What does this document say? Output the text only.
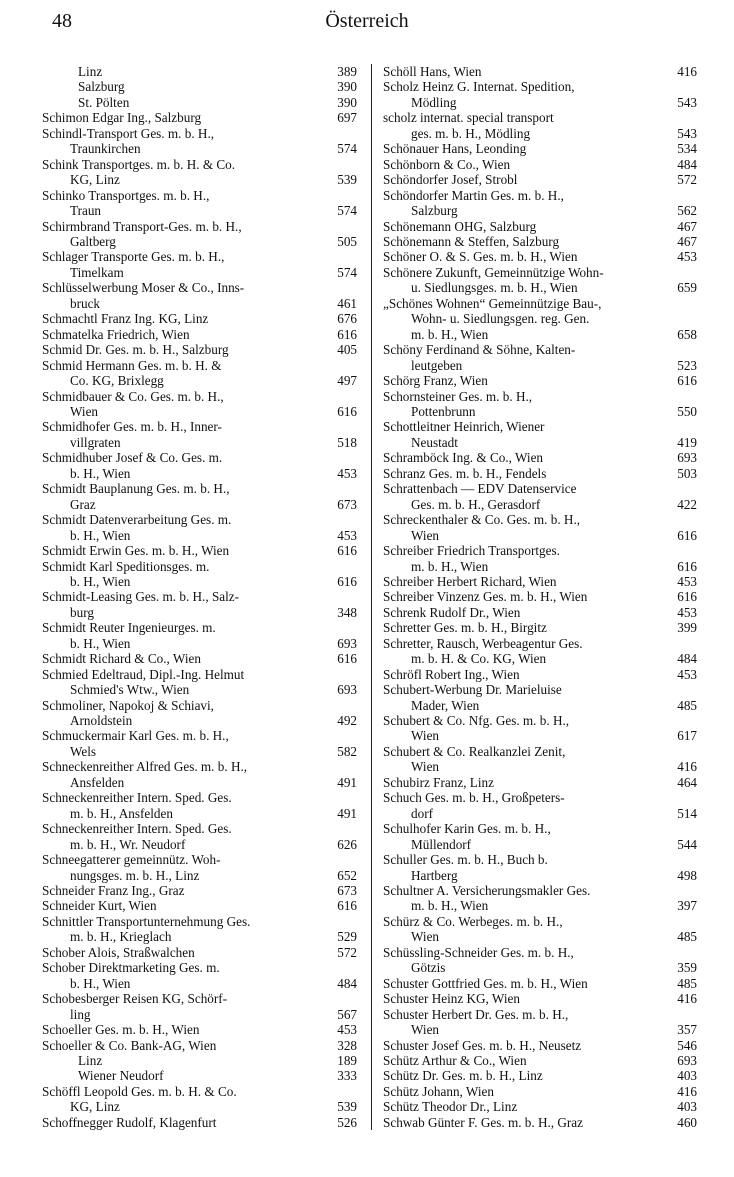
48	Österreich
Linz	389
Salzburg	390
St. Pölten	390
Schimon Edgar Ing., Salzburg	697
Schindl-Transport Ges. m. b. H.,
Traunkirchen	574
Schink Transportges. m. b. H. & Co.
KG, Linz	539
Schinko Transportges. m. b. H.,
Traun	574
Schirmbrand Transport-Ges. m. b. H.,
Galtberg	505
Schlager Transporte Ges. m. b. H.,
Timelkam	574
Schlüsselwerbung Moser & Co., Inns-
bruck	461
Schmachtl Franz Ing. KG, Linz	676
Schmatelka Friedrich, Wien	616
Schmid Dr. Ges. m. b. H., Salzburg	405
Schmid Hermann Ges. m. b. H. &
Co. KG, Brixlegg	497
Schmidbauer & Co. Ges. m. b. H.,
Wien	616
Schmidhofer Ges. m. b. H., Inner-
villgraten	518
Schmidhuber Josef & Co. Ges. m.
b. H., Wien	453
Schmidt Bauplanung Ges. m. b. H.,
Graz	673
Schmidt Datenverarbeitung Ges. m.
b. H., Wien	453
Schmidt Erwin Ges. m. b. H., Wien	616
Schmidt Karl Speditionsges. m.
b. H., Wien	616
Schmidt-Leasing Ges. m. b. H., Salz-
burg	348
Schmidt Reuter Ingenieurges. m.
b. H., Wien	693
Schmidt Richard & Co., Wien	616
Schmied Edeltraud, Dipl.-Ing. Helmut
Schmied's Wtw., Wien	693
Schmoliner, Napokoj & Schiavi,
Arnoldstein	492
Schmuckermair Karl Ges. m. b. H.,
Wels	582
Schneckenreither Alfred Ges. m. b. H.,
Ansfelden	491
Schneckenreither Intern. Sped. Ges.
m. b. H., Ansfelden	491
Schneckenreither Intern. Sped. Ges.
m. b. H., Wr. Neudorf	626
Schneegatterer gemeinnütz. Woh-
nungsges. m. b. H., Linz	652
Schneider Franz Ing., Graz	673
Schneider Kurt, Wien	616
Schnittler Transportunternehmung Ges.
m. b. H., Krieglach	529
Schober Alois, Straßwalchen	572
Schober Direktmarketing Ges. m.
b. H., Wien	484
Schobesberger Reisen KG, Schörf-
ling	567
Schoeller Ges. m. b. H., Wien	453
Schoeller & Co. Bank-AG, Wien	328
Linz	189
Wiener Neudorf	333
Schöffl Leopold Ges. m. b. H. & Co.
KG, Linz	539
Schoffnegger Rudolf, Klagenfurt	526
Schöll Hans, Wien	416
Scholz Heinz G. Internat. Spedition,
Mödling	543
scholz internat. special transport
ges. m. b. H., Mödling	543
Schönauer Hans, Leonding	534
Schönborn & Co., Wien	484
Schöndorfer Josef, Strobl	572
Schöndorfer Martin Ges. m. b. H.,
Salzburg	562
Schönemann OHG, Salzburg	467
Schönemann & Steffen, Salzburg	467
Schöner O. & S. Ges. m. b. H., Wien	453
Schönere Zukunft, Gemeinnützige Wohn-
u. Siedlungsges. m. b. H., Wien	659
„Schönes Wohnen“ Gemeinnützige Bau-,
Wohn- u. Siedlungsgen. reg. Gen.
m. b. H., Wien	658
Schöny Ferdinand & Söhne, Kalten-
leutgeben	523
Schörg Franz, Wien	616
Schornsteiner Ges. m. b. H.,
Pottenbrunn	550
Schottleitner Heinrich, Wiener
Neustadt	419
Schramböck Ing. & Co., Wien	693
Schranz Ges. m. b. H., Fendels	503
Schrattenbach — EDV Datenservice
Ges. m. b. H., Gerasdorf	422
Schreckenthaler & Co. Ges. m. b. H.,
Wien	616
Schreiber Friedrich Transportges.
m. b. H., Wien	616
Schreiber Herbert Richard, Wien	453
Schreiber Vinzenz Ges. m. b. H., Wien	616
Schrenk Rudolf Dr., Wien	453
Schretter Ges. m. b. H., Birgitz	399
Schretter, Rausch, Werbeagentur Ges.
m. b. H. & Co. KG, Wien	484
Schröfl Robert Ing., Wien	453
Schubert-Werbung Dr. Marieluise
Mader, Wien	485
Schubert & Co. Nfg. Ges. m. b. H.,
Wien	617
Schubert & Co. Realkanzlei Zenit,
Wien	416
Schubirz Franz, Linz	464
Schuch Ges. m. b. H., Großpeters-
dorf	514
Schulhofer Karin Ges. m. b. H.,
Müllendorf	544
Schuller Ges. m. b. H., Buch b.
Hartberg	498
Schultner A. Versicherungsmakler Ges.
m. b. H., Wien	397
Schürz & Co. Werbeges. m. b. H.,
Wien	485
Schüssling-Schneider Ges. m. b. H.,
Götzis	359
Schuster Gottfried Ges. m. b. H., Wien	485
Schuster Heinz KG, Wien	416
Schuster Herbert Dr. Ges. m. b. H.,
Wien	357
Schuster Josef Ges. m. b. H., Neusetz	546
Schütz Arthur & Co., Wien	693
Schütz Dr. Ges. m. b. H., Linz	403
Schütz Johann, Wien	416
Schütz Theodor Dr., Linz	403
Schwab Günter F. Ges. m. b. H., Graz	460
